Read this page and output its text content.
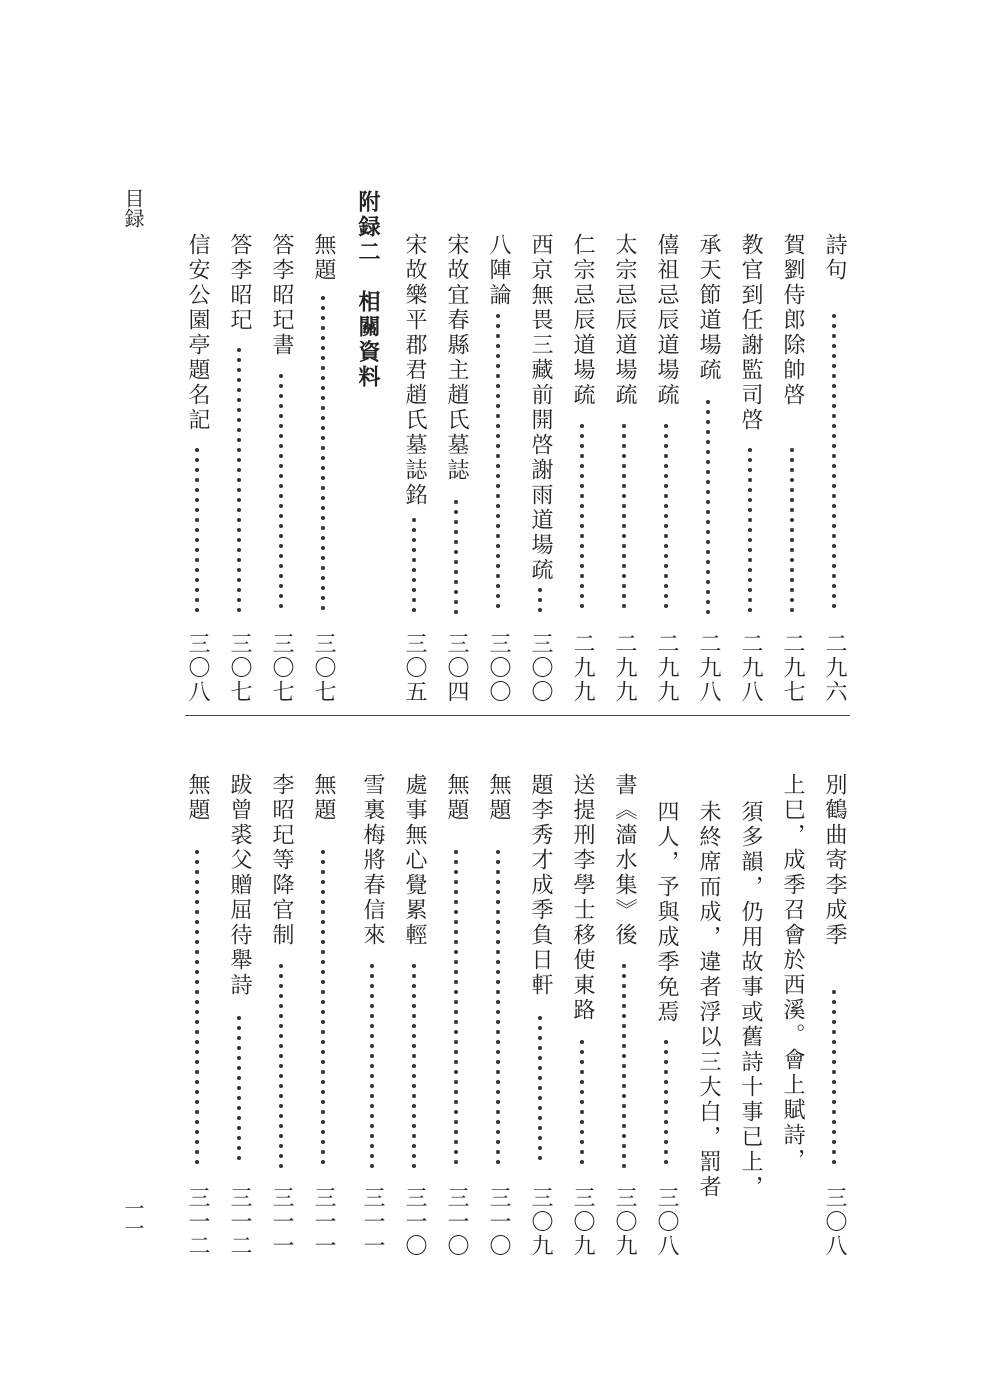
目録
一一
詩句
二九六
賀劉侍郎除帥啓
二九七
教官到任謝監司啓
二九八
承天節道場疏
二九八
僖祖忌辰道場疏
二九九
太宗忌辰道場疏
二九九
仁宗忌辰道場疏
二九九
西京無畏三藏前開啓謝雨道場疏
三〇〇
八陣論
三〇〇
宋故宜春縣主趙氏墓誌
三〇四
宋故樂平郡君趙氏墓誌銘
三〇五
附録二　相關資料
無題
三〇七
答李昭玘書
三〇七
答李昭玘
三〇七
信安公園亭題名記
三〇八
別鶴曲寄李成季
三〇八
上巳，成季召會於西溪。會上賦詩，
須多韻，仍用故事或舊詩十事已上，
未終席而成，違者浮以三大白，罰者
四人，予與成季免焉
三〇八
書《濇水集》後
三〇九
送提刑李學士移使東路
三〇九
題李秀才成季負日軒
三〇九
無題
三一〇
無題
三一〇
處事無心覺累輕
三一〇
雪裏梅將春信來
三一一
無題
三一一
李昭玘等降官制
三一一
跋曾裘父贈屈待舉詩
三一二
無題
三一二
